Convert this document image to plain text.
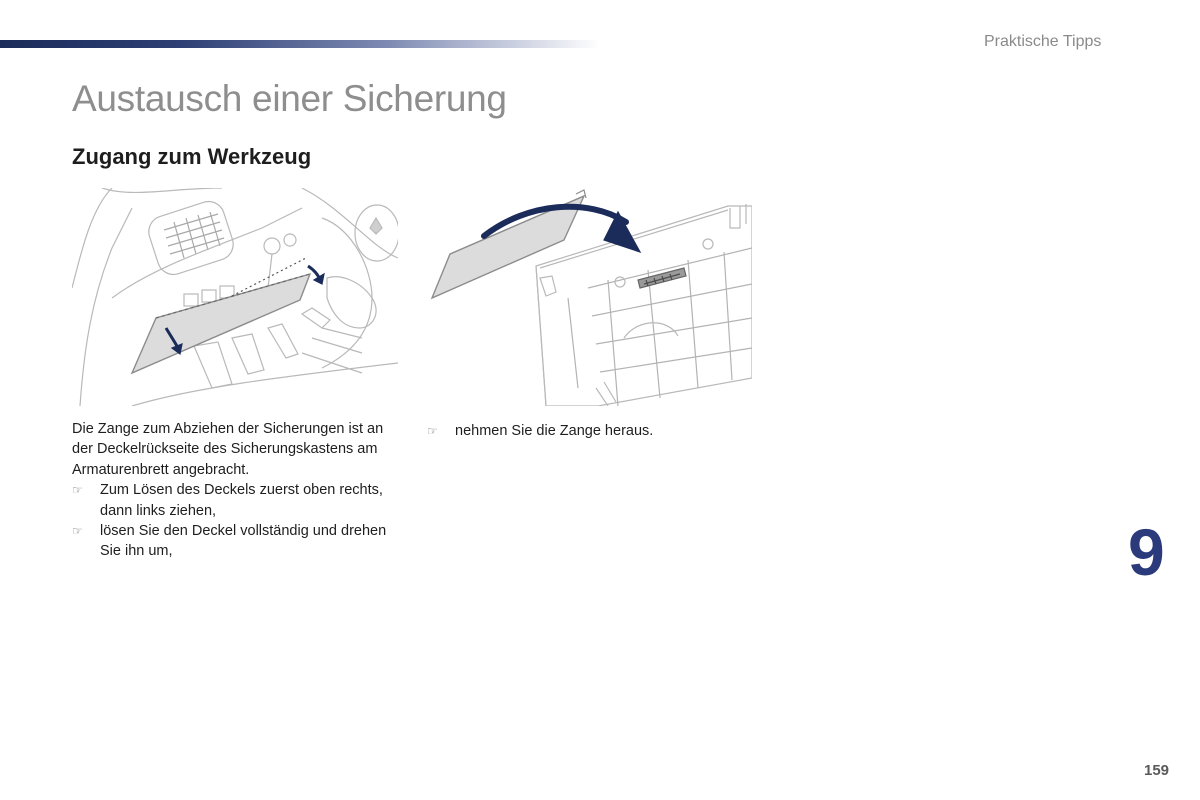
Praktische Tipps
Austausch einer Sicherung
Zugang zum Werkzeug

Die Zange zum Abziehen der Sicherungen ist an der Deckelrückseite des Sicherungskastens am Armaturenbrett angebracht.

☞	Zum Lösen des Deckels zuerst oben rechts, dann links ziehen,
☞	lösen Sie den Deckel vollständig und drehen Sie ihn um,
☞	nehmen Sie die Zange heraus.
9
159
